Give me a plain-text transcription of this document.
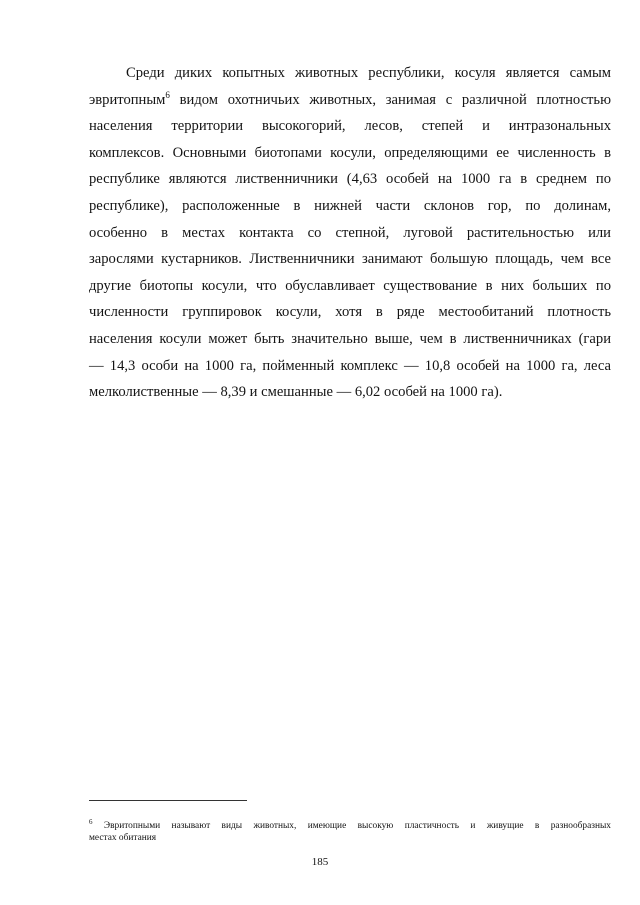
Среди диких копытных животных республики, косуля является самым
эвритопным$^6$ видом охотничьих животных, занимая с различной плотностью
населения территории высокогорий, лесов, степей и интразональных
комплексов. Основными биотопами косули, определяющими ее численность в
республике являются лиственничники (4,63 особей на 1000 га в среднем по
республике), расположенные в нижней части склонов гор, по долинам,
особенно в местах контакта со степной, луговой растительностью или
зарослями кустарников. Лиственничники занимают большую площадь, чем все
другие биотопы косули, что обуславливает существование в них больших по
численности группировок косули, хотя в ряде местообитаний плотность
населения косули может быть значительно выше, чем в лиственничниках (гари
— 14,3 особи на 1000 га, пойменный комплекс — 10,8 особей на 1000 га, леса
мелколиственные — 8,39 и смешанные — 6,02 особей на 1000 га).
$^6$ Эвритопными называют виды животных, имеющие высокую пластичность и живущие в разнообразных
местах обитания
185
